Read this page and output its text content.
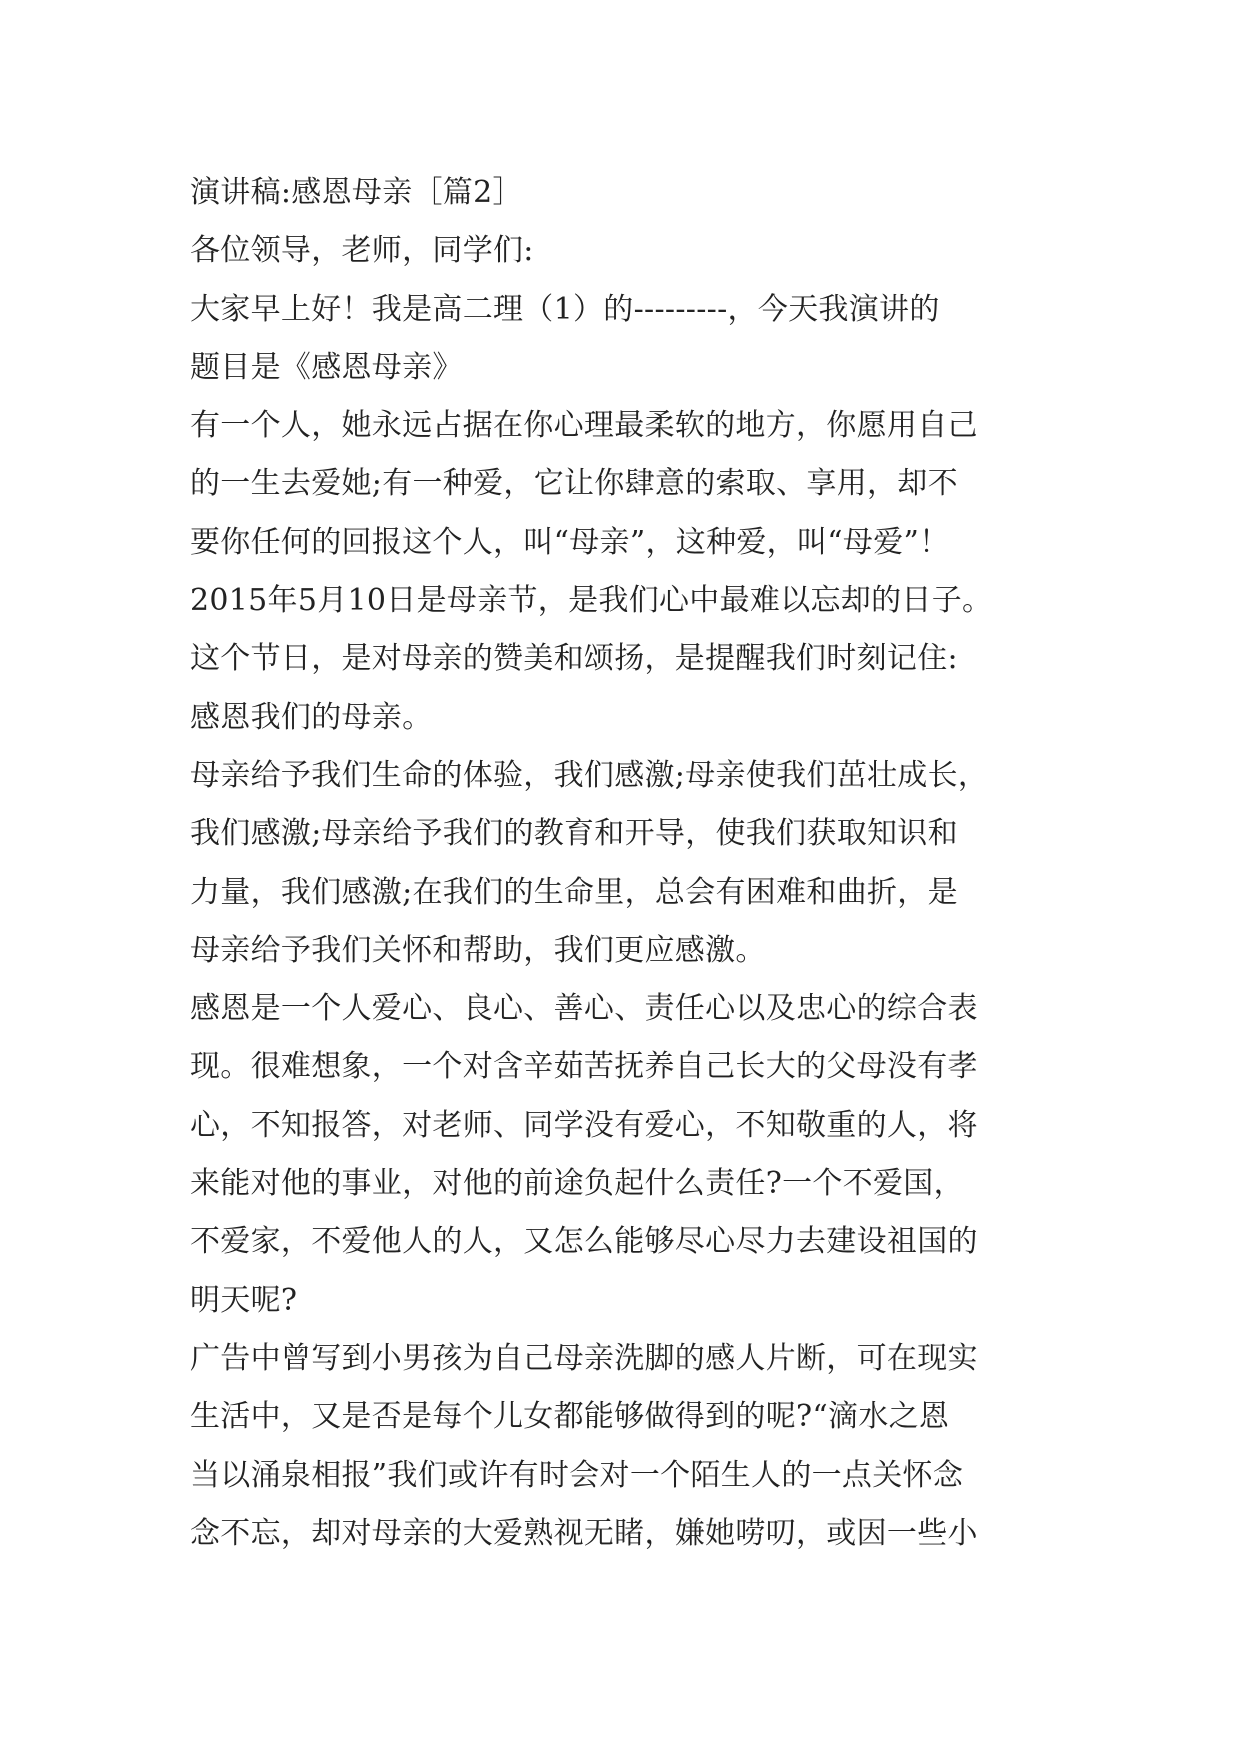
演讲稿:感恩母亲［篇2］
各位领导，老师，同学们:
大家早上好！我是高二理（1）的---------，今天我演讲的
题目是《感恩母亲》
有一个人，她永远占据在你心理最柔软的地方，你愿用自己
的一生去爱她;有一种爱，它让你肆意的索取、享用，却不
要你任何的回报这个人，叫“母亲”，这种爱，叫“母爱”！
2015年5月10日是母亲节，是我们心中最难以忘却的日子。
这个节日，是对母亲的赞美和颂扬，是提醒我们时刻记住:
感恩我们的母亲。
母亲给予我们生命的体验，我们感激;母亲使我们茁壮成长，
我们感激;母亲给予我们的教育和开导，使我们获取知识和
力量，我们感激;在我们的生命里，总会有困难和曲折，是
母亲给予我们关怀和帮助，我们更应感激。
感恩是一个人爱心、良心、善心、责任心以及忠心的综合表
现。很难想象，一个对含辛茹苦抚养自己长大的父母没有孝
心，不知报答，对老师、同学没有爱心，不知敬重的人，将
来能对他的事业，对他的前途负起什么责任?一个不爱国，
不爱家，不爱他人的人，又怎么能够尽心尽力去建设祖国的
明天呢?
广告中曾写到小男孩为自己母亲洗脚的感人片断，可在现实
生活中，又是否是每个儿女都能够做得到的呢?“滴水之恩
当以涌泉相报”我们或许有时会对一个陌生人的一点关怀念
念不忘，却对母亲的大爱熟视无睹，嫌她唠叨，或因一些小
